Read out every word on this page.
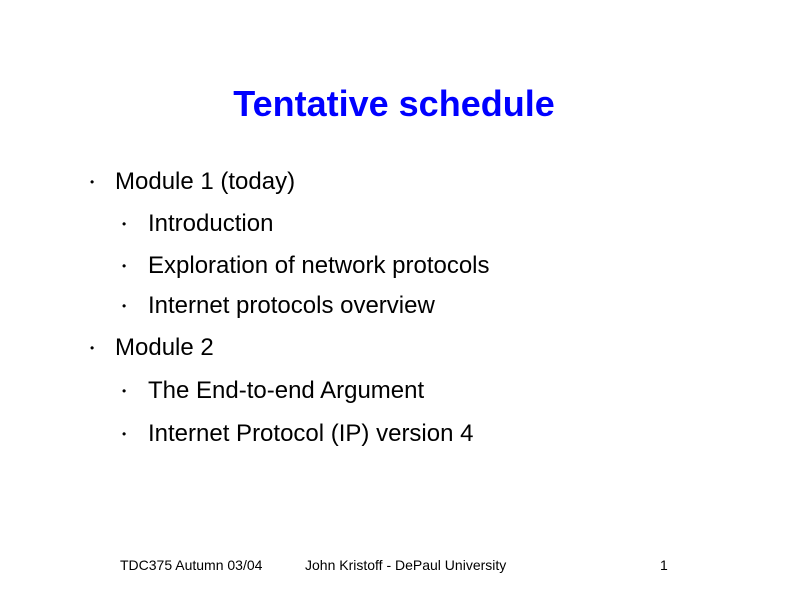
Tentative schedule
• Module 1 (today)
• Introduction
• Exploration of network protocols
• Internet protocols overview
• Module 2
• The End-to-end Argument
• Internet Protocol (IP) version 4
TDC375 Autumn 03/04	John Kristoff - DePaul University	1
